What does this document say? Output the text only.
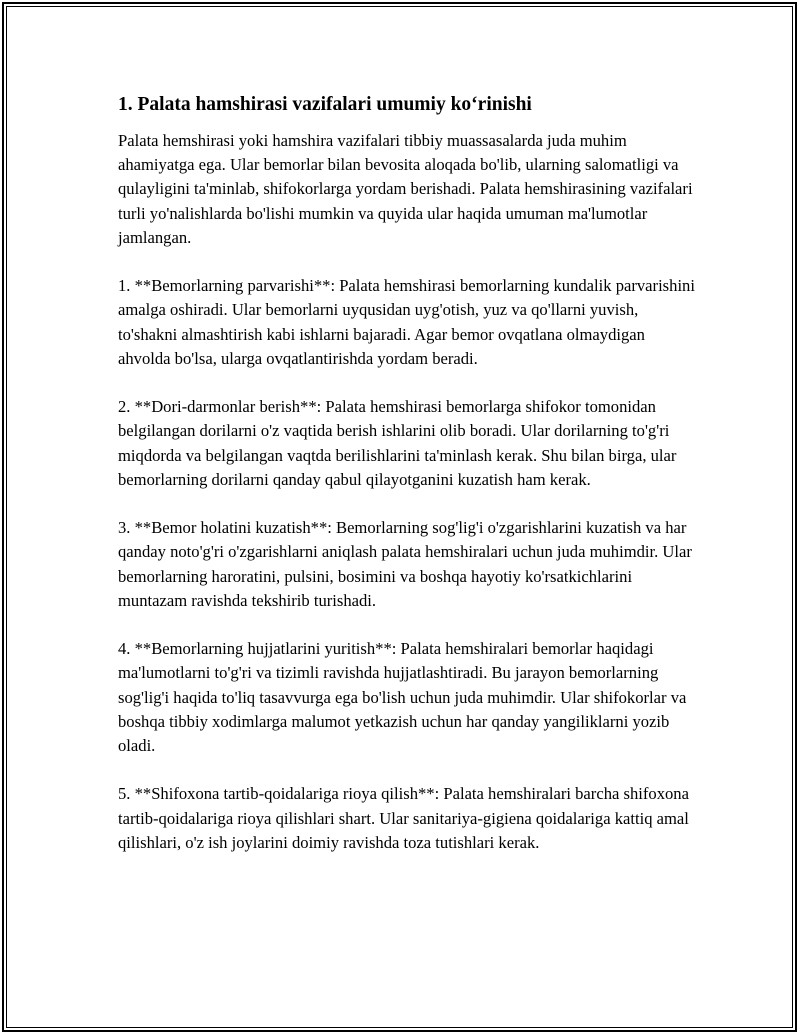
1. Palata hamshirasi vazifalari umumiy ko‘rinishi

Palata hemshirasi yoki hamshira vazifalari tibbiy muassasalarda juda muhim ahamiyatga ega. Ular bemorlar bilan bevosita aloqada bo'lib, ularning salomatligi va qulayligini ta'minlab, shifokorlarga yordam berishadi. Palata hemshirasining vazifalari turli yo'nalishlarda bo'lishi mumkin va quyida ular haqida umuman ma'lumotlar jamlangan.

1. **Bemorlarning parvarishi**: Palata hemshirasi bemorlarning kundalik parvarishini amalga oshiradi. Ular bemorlarni uyqusidan uyg'otish, yuz va qo'llarni yuvish, to'shakni almashtirish kabi ishlarni bajaradi. Agar bemor ovqatlana olmaydigan ahvolda bo'lsa, ularga ovqatlantirishda yordam beradi.

2. **Dori-darmonlar berish**: Palata hemshirasi bemorlarga shifokor tomonidan belgilangan dorilarni o'z vaqtida berish ishlarini olib boradi. Ular dorilarning to'g'ri miqdorda va belgilangan vaqtda berilishlarini ta'minlash kerak. Shu bilan birga, ular bemorlarning dorilarni qanday qabul qilayotganini kuzatish ham kerak.

3. **Bemor holatini kuzatish**: Bemorlarning sog'lig'i o'zgarishlarini kuzatish va har qanday noto'g'ri o'zgarishlarni aniqlash palata hemshiralari uchun juda muhimdir. Ular bemorlarning haroratini, pulsini, bosimini va boshqa hayotiy ko'rsatkichlarini muntazam ravishda tekshirib turishadi.

4. **Bemorlarning hujjatlarini yuritish**: Palata hemshiralari bemorlar haqidagi ma'lumotlarni to'g'ri va tizimli ravishda hujjatlashtiradi. Bu jarayon bemorlarning sog'lig'i haqida to'liq tasavvurga ega bo'lish uchun juda muhimdir. Ular shifokorlar va boshqa tibbiy xodimlarga malumot yetkazish uchun har qanday yangiliklarni yozib oladi.

5. **Shifoxona tartib-qoidalariga rioya qilish**: Palata hemshiralari barcha shifoxona tartib-qoidalariga rioya qilishlari shart. Ular sanitariya-gigiena qoidalariga kattiq amal qilishlari, o'z ish joylarini doimiy ravishda toza tutishlari kerak.
